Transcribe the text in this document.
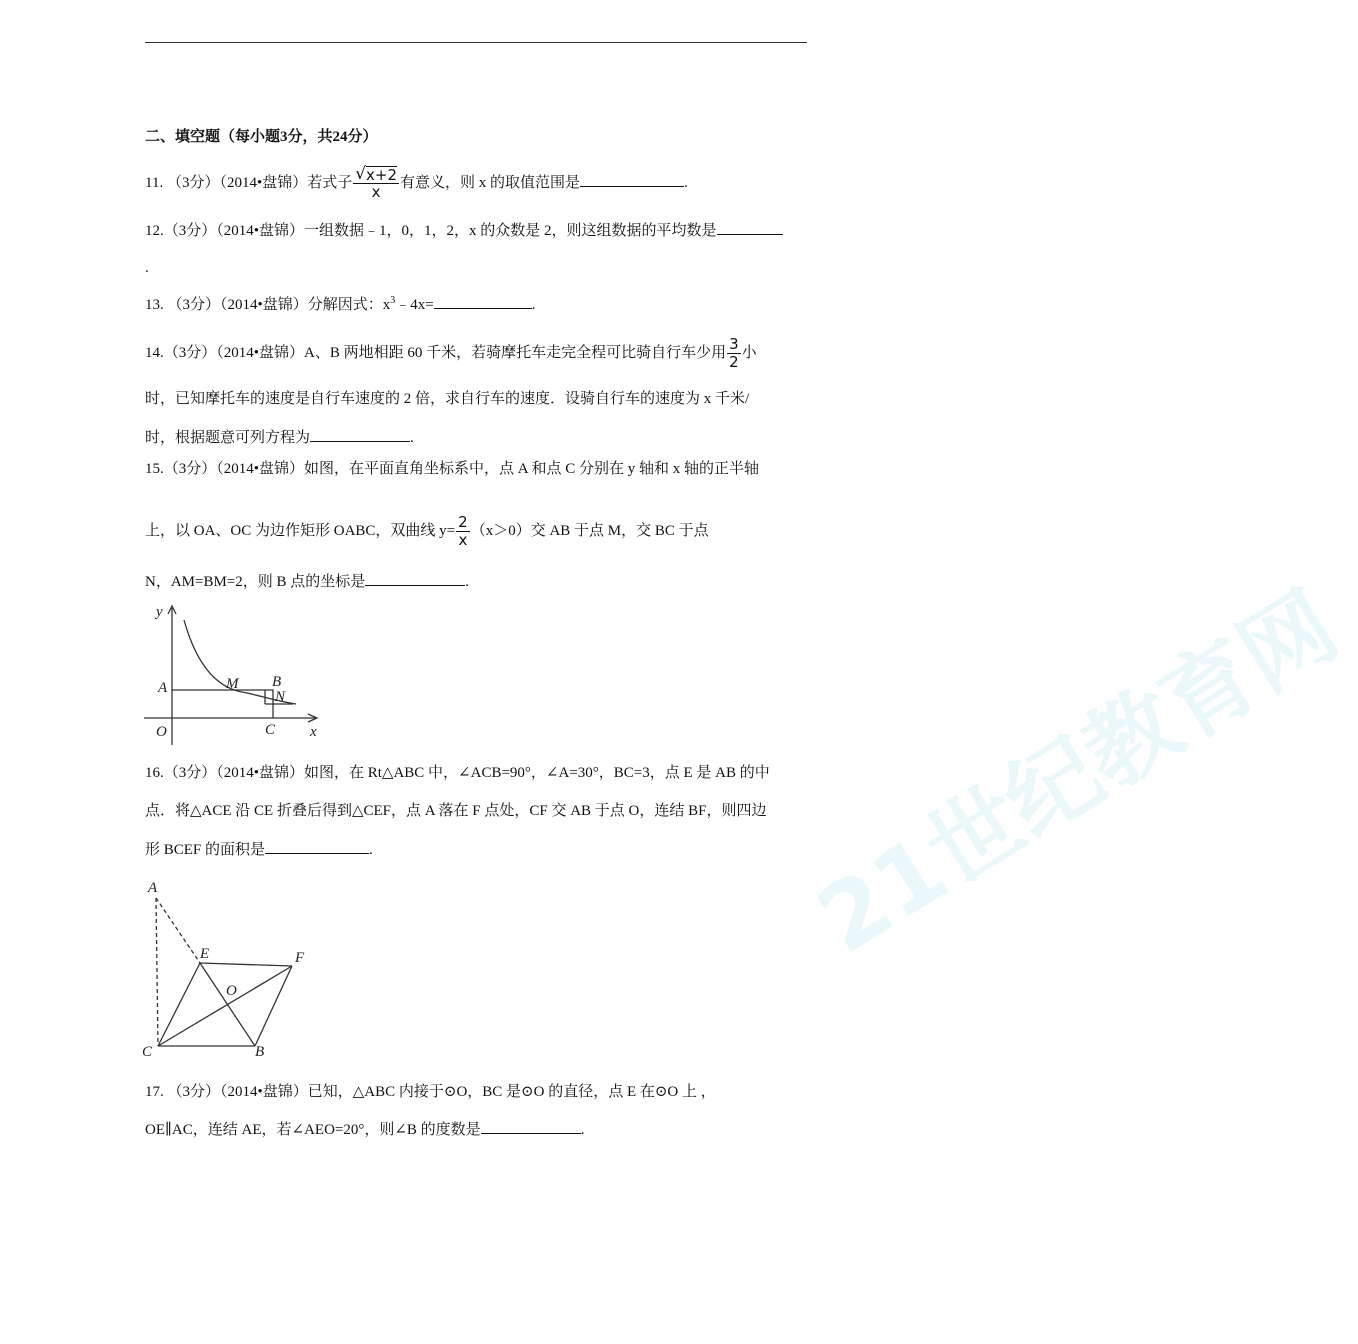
21世纪教育网
二、填空题（每小题3分，共24分）
11. （3分）（2014•盘锦）若式子 $\frac{√ x+2}{x}$ 有意义，则 x 的取值范围是	.
12.（3分）（2014•盘锦）一组数据﹣1，0，1，2，x 的众数是 2，则这组数据的平均数是
.
13. （3分）（2014•盘锦）分解因式：$x^3﹣4x=$	.
14.（3分）（2014•盘锦）A、B 两地相距 60 千米，若骑摩托车走完全程可比骑自行车少用 $\frac{3}{2}$ 小
时，已知摩托车的速度是自行车速度的 2 倍，求自行车的速度．设骑自行车的速度为 x 千米/
时，根据题意可列方程为	.
15.（3分）（2014•盘锦）如图，在平面直角坐标系中，点 A 和点 C 分别在 y 轴和 x 轴的正半轴
上，以 OA、OC 为边作矩形 OABC，双曲线 $y= \frac{2}{x} (x>0)$交 AB 于点 M，交 BC 于点
N，AM=BM=2，则 B 点的坐标是	.
y
x
O
A	M B
N
C
16.（3分）（2014•盘锦）如图，在 Rt△ABC 中，∠ACB=90°，∠A=30°，BC=3，点 E 是 AB 的中
点．将△ACE 沿 CE 折叠后得到△CEF，点 A 落在 F 点处，CF 交 AB 于点 O，连结 BF，则四边
形 BCEF 的面积是	.
A
E	F
O
C	B
17. （3分）（2014•盘锦）已知，△ABC 内接于⊙O，BC 是⊙O 的直径，点 E 在⊙O 上 ，
OE∥AC，连结 AE，若∠AEO=20°，则∠B 的度数是	.
